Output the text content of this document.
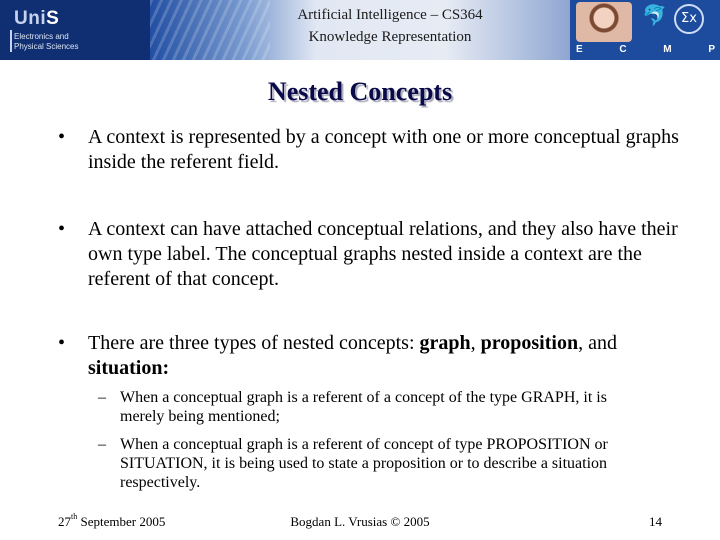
UniS
Electronics and
Physical Sciences
Artificial Intelligence – CS364
Knowledge Representation
🐬	Σx
E	C	M	P
Nested Concepts
• A context is represented by a concept with one or more conceptual graphs inside the referent field.
• A context can have attached conceptual relations, and they also have their own type label. The conceptual graphs nested inside a context are the referent of that concept.
• There are three types of nested concepts: graph, proposition, and situation:
– When a conceptual graph is a referent of a concept of the type GRAPH, it is merely being mentioned;
– When a conceptual graph is a referent of concept of type PROPOSITION or SITUATION, it is being used to state a proposition or to describe a situation respectively.
27th September 2005	Bogdan L. Vrusias © 2005	14
